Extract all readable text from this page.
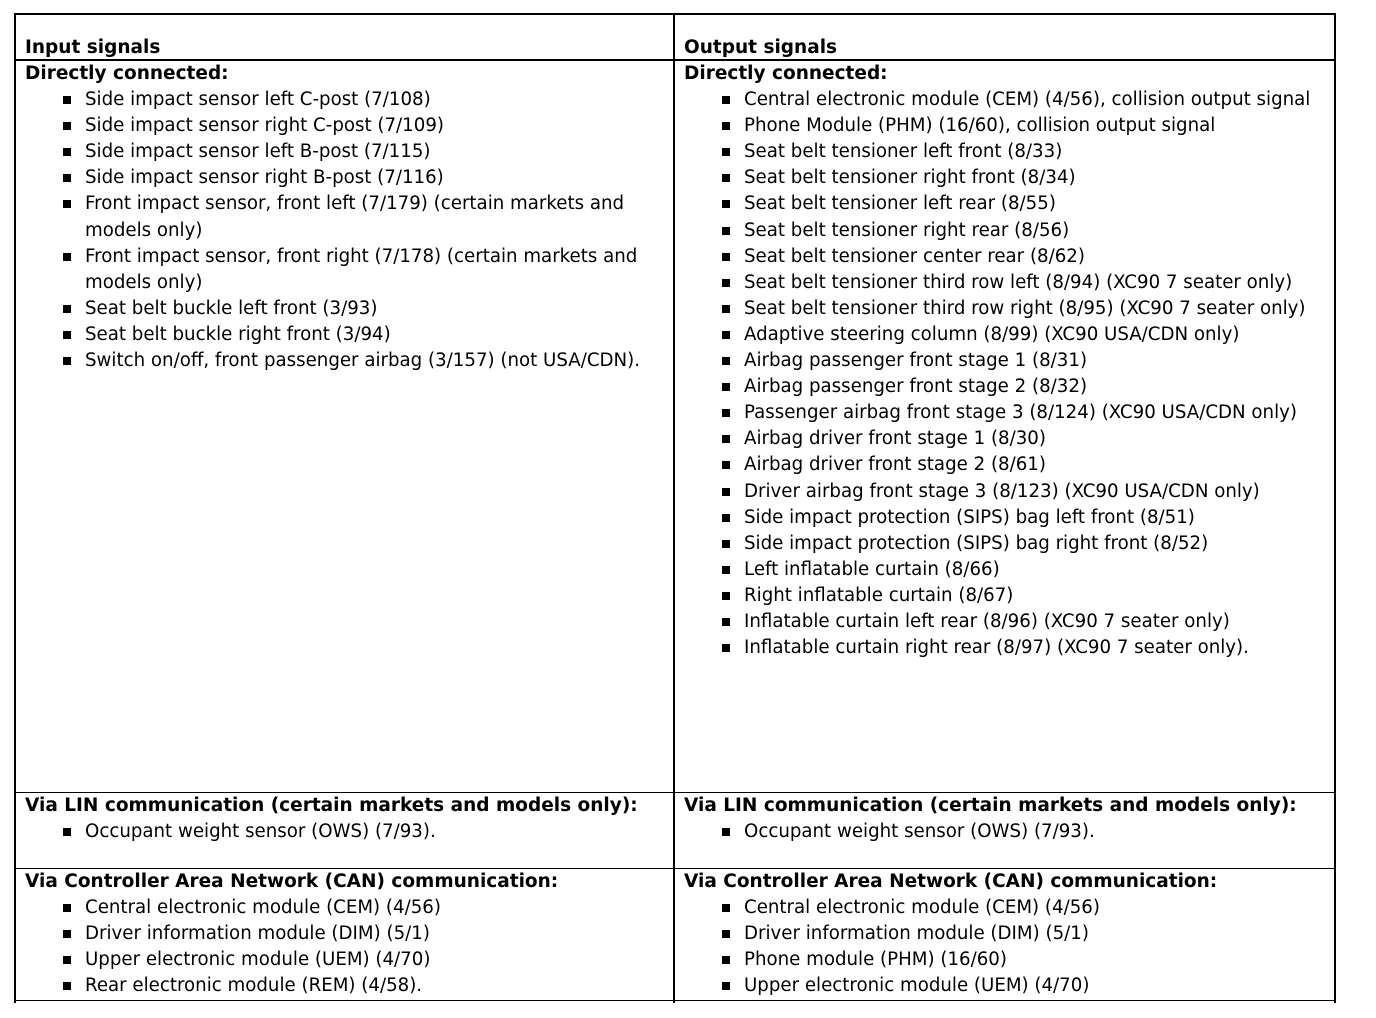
Input signals	Output signals
Directly connected:
Side impact sensor left C-post (7/108)
Side impact sensor right C-post (7/109)
Side impact sensor left B-post (7/115)
Side impact sensor right B-post (7/116)
Front impact sensor, front left (7/179) (certain markets and models only)
Front impact sensor, front right (7/178) (certain markets and models only)
Seat belt buckle left front (3/93)
Seat belt buckle right front (3/94)
Switch on/off, front passenger airbag (3/157) (not USA/CDN).
Directly connected:
Central electronic module (CEM) (4/56), collision output signal
Phone Module (PHM) (16/60), collision output signal
Seat belt tensioner left front (8/33)
Seat belt tensioner right front (8/34)
Seat belt tensioner left rear (8/55)
Seat belt tensioner right rear (8/56)
Seat belt tensioner center rear (8/62)
Seat belt tensioner third row left (8/94) (XC90 7 seater only)
Seat belt tensioner third row right (8/95) (XC90 7 seater only)
Adaptive steering column (8/99) (XC90 USA/CDN only)
Airbag passenger front stage 1 (8/31)
Airbag passenger front stage 2 (8/32)
Passenger airbag front stage 3 (8/124) (XC90 USA/CDN only)
Airbag driver front stage 1 (8/30)
Airbag driver front stage 2 (8/61)
Driver airbag front stage 3 (8/123) (XC90 USA/CDN only)
Side impact protection (SIPS) bag left front (8/51)
Side impact protection (SIPS) bag right front (8/52)
Left inflatable curtain (8/66)
Right inflatable curtain (8/67)
Inflatable curtain left rear (8/96) (XC90 7 seater only)
Inflatable curtain right rear (8/97) (XC90 7 seater only).
Via LIN communication (certain markets and models only):
Occupant weight sensor (OWS) (7/93).
Via LIN communication (certain markets and models only):
Occupant weight sensor (OWS) (7/93).
Via Controller Area Network (CAN) communication:
Central electronic module (CEM) (4/56)
Driver information module (DIM) (5/1)
Upper electronic module (UEM) (4/70)
Rear electronic module (REM) (4/58).
Via Controller Area Network (CAN) communication:
Central electronic module (CEM) (4/56)
Driver information module (DIM) (5/1)
Phone module (PHM) (16/60)
Upper electronic module (UEM) (4/70)
